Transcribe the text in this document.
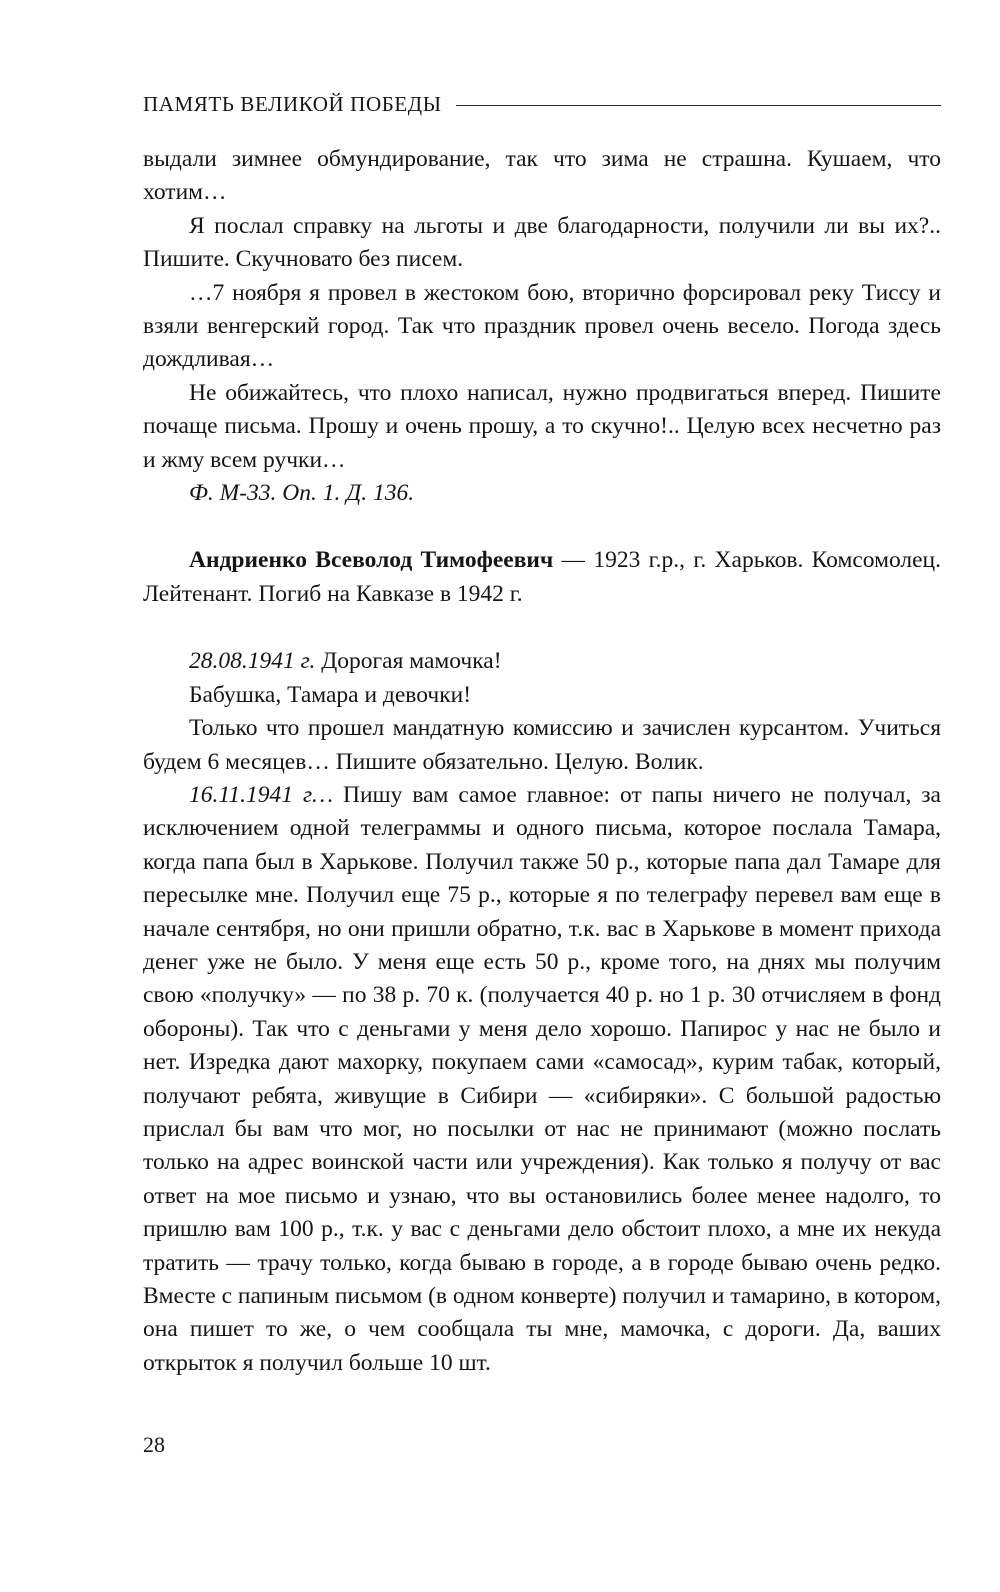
ПАМЯТЬ ВЕЛИКОЙ ПОБЕДЫ

выдали зимнее обмундирование, так что зима не страшна. Кушаем, что хотим…

Я послал справку на льготы и две благодарности, получили ли вы их?.. Пишите. Скучновато без писем.

…7 ноября я провел в жестоком бою, вторично форсировал реку Тиссу и взяли венгерский город. Так что праздник провел очень весело. Погода здесь дождливая…

Не обижайтесь, что плохо написал, нужно продвигаться вперед. Пишите почаще письма. Прошу и очень прошу, а то скучно!.. Целую всех несчетно раз и жму всем ручки…

Ф. М-33. Оп. 1. Д. 136.

Андриенко Всеволод Тимофеевич — 1923 г.р., г. Харьков. Комсомолец. Лейтенант. Погиб на Кавказе в 1942 г.

28.08.1941 г. Дорогая мамочка!

Бабушка, Тамара и девочки!

Только что прошел мандатную комиссию и зачислен курсантом. Учиться будем 6 месяцев… Пишите обязательно. Целую. Волик.

16.11.1941 г… Пишу вам самое главное: от папы ничего не получал, за исключением одной телеграммы и одного письма, которое послала Тамара, когда папа был в Харькове. Получил также 50 р., которые папа дал Тамаре для пересылке мне. Получил еще 75 р., которые я по телеграфу перевел вам еще в начале сентября, но они пришли обратно, т.к. вас в Харькове в момент прихода денег уже не было. У меня еще есть 50 р., кроме того, на днях мы получим свою «получку» — по 38 р. 70 к. (получается 40 р. но 1 р. 30 отчисляем в фонд обороны). Так что с деньгами у меня дело хорошо. Папирос у нас не было и нет. Изредка дают махорку, покупаем сами «самосад», курим табак, который, получают ребята, живущие в Сибири — «сибиряки». С большой радостью прислал бы вам что мог, но посылки от нас не принимают (можно послать только на адрес воинской части или учреждения). Как только я получу от вас ответ на мое письмо и узнаю, что вы остановились более менее надолго, то пришлю вам 100 р., т.к. у вас с деньгами дело обстоит плохо, а мне их некуда тратить — трачу только, когда бываю в городе, а в городе бываю очень редко. Вместе с папиным письмом (в одном конверте) получил и тамарино, в котором, она пишет то же, о чем сообщала ты мне, мамочка, с дороги. Да, ваших открыток я получил больше 10 шт.

28
